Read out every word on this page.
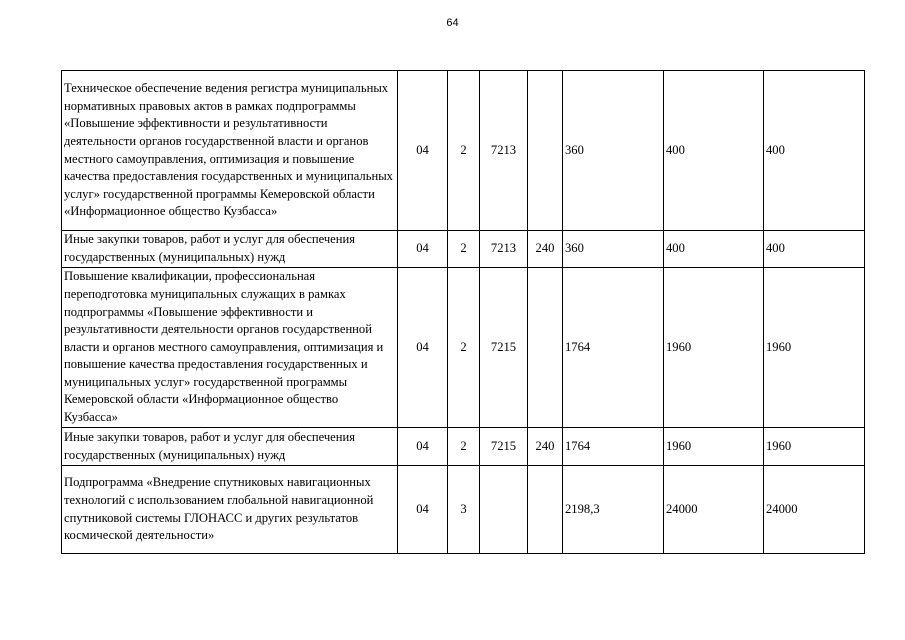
64
Техническое обеспечение ведения регистра муниципальных нормативных правовых актов в рамках подпрограммы «Повышение эффективности и результативности деятельности органов государственной власти и органов местного самоуправления, оптимизация и повышение качества предоставления государственных и муниципальных услуг» государственной программы Кемеровской области «Информационное общество Кузбасса»	04	2	7213		360	400	400
Иные закупки товаров, работ и услуг для обеспечения государственных (муниципальных) нужд	04	2	7213	240	360	400	400
Повышение квалификации, профессиональная переподготовка муниципальных служащих в рамках подпрограммы «Повышение эффективности и результативности деятельности органов государственной власти и органов местного самоуправления, оптимизация и повышение качества предоставления государственных и муниципальных услуг» государственной программы Кемеровской области «Информационное общество Кузбасса»	04	2	7215		1764	1960	1960
Иные закупки товаров, работ и услуг для обеспечения государственных (муниципальных) нужд	04	2	7215	240	1764	1960	1960
Подпрограмма «Внедрение спутниковых навигационных технологий с использованием глобальной навигационной спутниковой системы ГЛОНАСС и других результатов космической деятельности»	04	3			2198,3	24000	24000
